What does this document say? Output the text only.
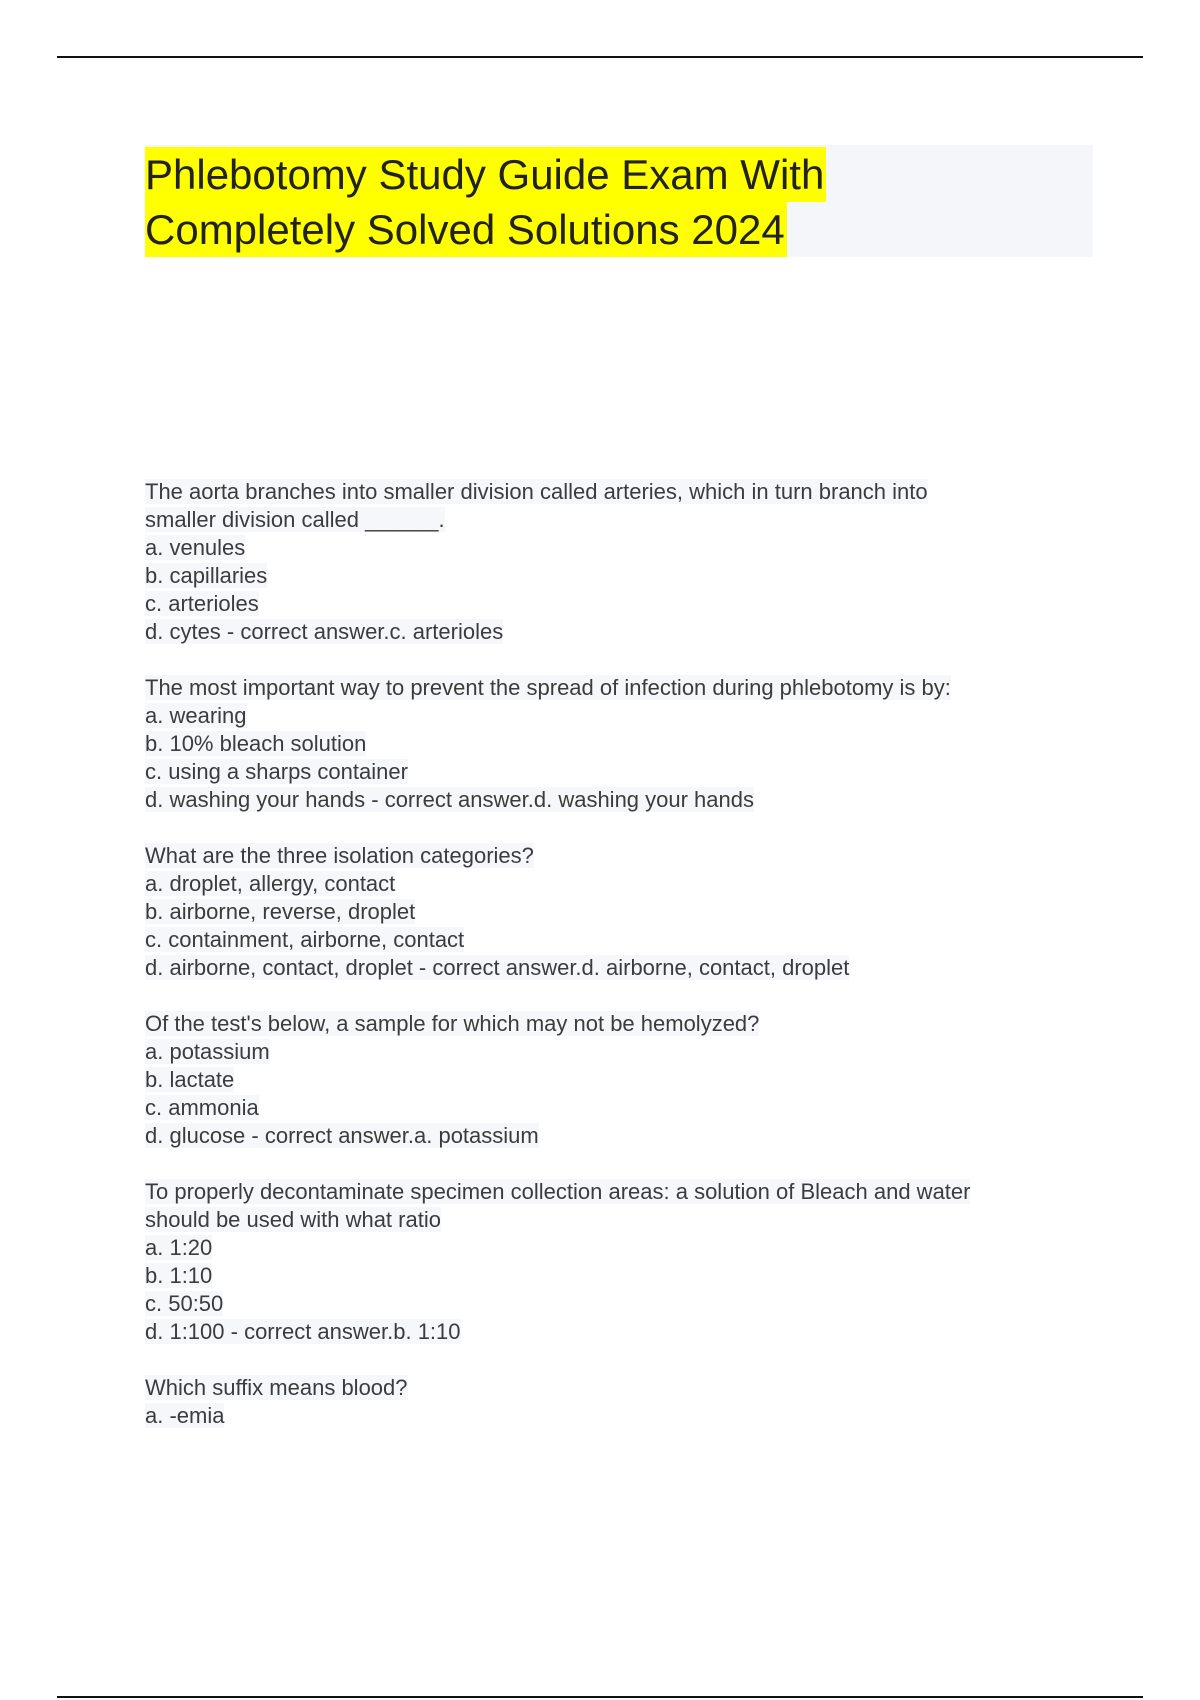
Phlebotomy Study Guide Exam With
Completely Solved Solutions 2024
The aorta branches into smaller division called arteries, which in turn branch into
smaller division called ______.
a. venules
b. capillaries
c. arterioles
d. cytes - correct answer.c. arterioles
The most important way to prevent the spread of infection during phlebotomy is by:
a. wearing
b. 10% bleach solution
c. using a sharps container
d. washing your hands - correct answer.d. washing your hands
What are the three isolation categories?
a. droplet, allergy, contact
b. airborne, reverse, droplet
c. containment, airborne, contact
d. airborne, contact, droplet - correct answer.d. airborne, contact, droplet
Of the test's below, a sample for which may not be hemolyzed?
a. potassium
b. lactate
c. ammonia
d. glucose - correct answer.a. potassium
To properly decontaminate specimen collection areas: a solution of Bleach and water
should be used with what ratio
a. 1:20
b. 1:10
c. 50:50
d. 1:100 - correct answer.b. 1:10
Which suffix means blood?
a. -emia
